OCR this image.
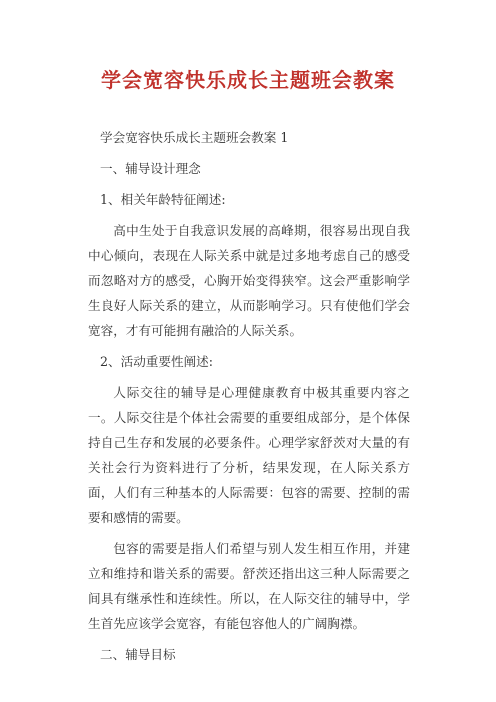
学会宽容快乐成长主题班会教案
学会宽容快乐成长主题班会教案 1
一、辅导设计理念
1、相关年龄特征阐述:

高中生处于自我意识发展的高峰期，很容易出现自我中心倾向，表现在人际关系中就是过多地考虑自己的感受而忽略对方的感受，心胸开始变得狭窄。这会严重影响学生良好人际关系的建立，从而影响学习。只有使他们学会宽容，才有可能拥有融洽的人际关系。

2、活动重要性阐述:

人际交往的辅导是心理健康教育中极其重要内容之一。人际交往是个体社会需要的重要组成部分，是个体保持自己生存和发展的必要条件。心理学家舒茨对大量的有关社会行为资料进行了分析，结果发现，在人际关系方面，人们有三种基本的人际需要：包容的需要、控制的需要和感情的需要。

包容的需要是指人们希望与别人发生相互作用，并建立和维持和谐关系的需要。舒茨还指出这三种人际需要之间具有继承性和连续性。所以，在人际交往的辅导中，学生首先应该学会宽容，有能包容他人的广阔胸襟。

二、辅导目标
